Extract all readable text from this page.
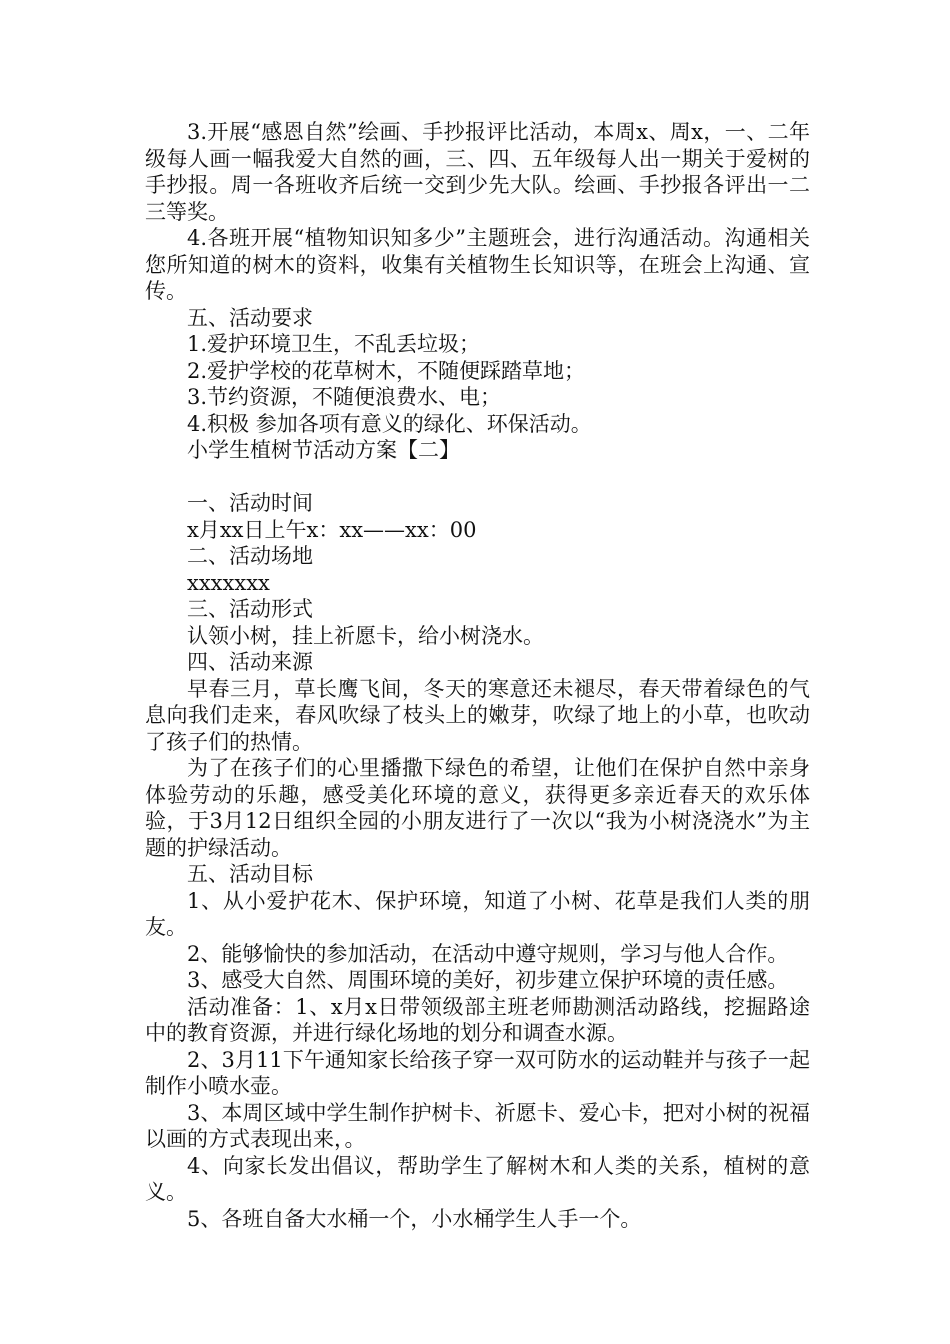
3.开展“感恩自然”绘画、手抄报评比活动，本周x、周x，一、二年级每人画一幅我爱大自然的画，三、四、五年级每人出一期关于爱树的手抄报。周一各班收齐后统一交到少先大队。绘画、手抄报各评出一二三等奖。

4.各班开展“植物知识知多少”主题班会，进行沟通活动。沟通相关您所知道的树木的资料，收集有关植物生长知识等，在班会上沟通、宣传。

五、活动要求

1.爱护环境卫生，不乱丢垃圾；

2.爱护学校的花草树木，不随便踩踏草地；

3.节约资源，不随便浪费水、电；

4.积极 参加各项有意义的绿化、环保活动。

小学生植树节活动方案【二】

一、活动时间

x月xx日上午x：xx——xx：00

二、活动场地

xxxxxxx

三、活动形式

认领小树，挂上祈愿卡，给小树浇水。

四、活动来源

早春三月，草长鹰飞间，冬天的寒意还未褪尽，春天带着绿色的气息向我们走来，春风吹绿了枝头上的嫩芽，吹绿了地上的小草，也吹动了孩子们的热情。

为了在孩子们的心里播撒下绿色的希望，让他们在保护自然中亲身体验劳动的乐趣，感受美化环境的意义，获得更多亲近春天的欢乐体验，于3月12日组织全园的小朋友进行了一次以“我为小树浇浇水”为主题的护绿活动。

五、活动目标

1、从小爱护花木、保护环境，知道了小树、花草是我们人类的朋友。

2、能够愉快的参加活动，在活动中遵守规则，学习与他人合作。

3、感受大自然、周围环境的美好，初步建立保护环境的责任感。

活动准备：1、x月x日带领级部主班老师勘测活动路线，挖掘路途中的教育资源，并进行绿化场地的划分和调查水源。

2、3月11下午通知家长给孩子穿一双可防水的运动鞋并与孩子一起制作小喷水壶。

3、本周区域中学生制作护树卡、祈愿卡、爱心卡，把对小树的祝福以画的方式表现出来，。

4、向家长发出倡议，帮助学生了解树木和人类的关系，植树的意义。

5、各班自备大水桶一个，小水桶学生人手一个。
